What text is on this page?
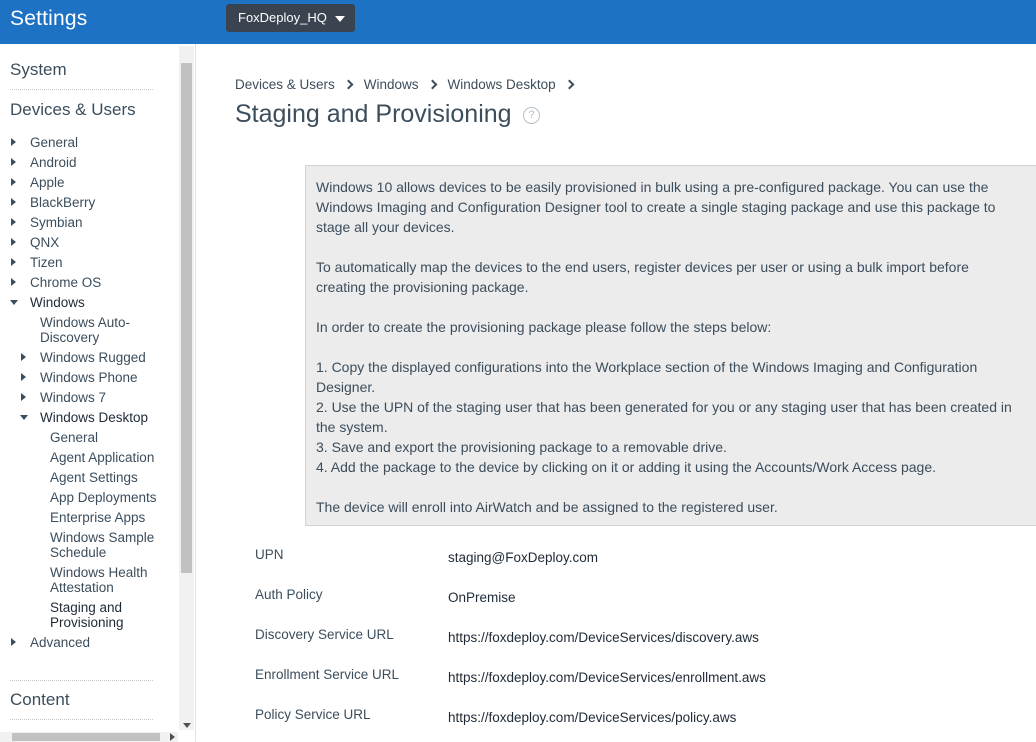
Settings	FoxDeploy_HQ
System
Devices & Users
General
Android
Apple
BlackBerry
Symbian
QNX
Tizen
Chrome OS
Windows
Windows Auto-
Discovery
Windows Rugged
Windows Phone
Windows 7
Windows Desktop
General
Agent Application
Agent Settings
App Deployments
Enterprise Apps
Windows Sample
Schedule
Windows Health
Attestation
Staging and
Provisioning
Advanced
Content
Devices & Users Windows Windows Desktop
Staging and Provisioning	?

Windows 10 allows devices to be easily provisioned in bulk using a pre-configured package. You can use the

Windows Imaging and Configuration Designer tool to create a single staging package and use this package to

stage all your devices.

To automatically map the devices to the end users, register devices per user or using a bulk import before

creating the provisioning package.

In order to create the provisioning package please follow the steps below:

1. Copy the displayed configurations into the Workplace section of the Windows Imaging and Configuration

Designer.

2. Use the UPN of the staging user that has been generated for you or any staging user that has been created in

the system.

3. Save and export the provisioning package to a removable drive.

4. Add the package to the device by clicking on it or adding it using the Accounts/Work Access page.

The device will enroll into AirWatch and be assigned to the registered user.

UPN	staging@FoxDeploy.com
Auth Policy	OnPremise
Discovery Service URL	https://foxdeploy.com/DeviceServices/discovery.aws
Enrollment Service URL	https://foxdeploy.com/DeviceServices/enrollment.aws
Policy Service URL	https://foxdeploy.com/DeviceServices/policy.aws
